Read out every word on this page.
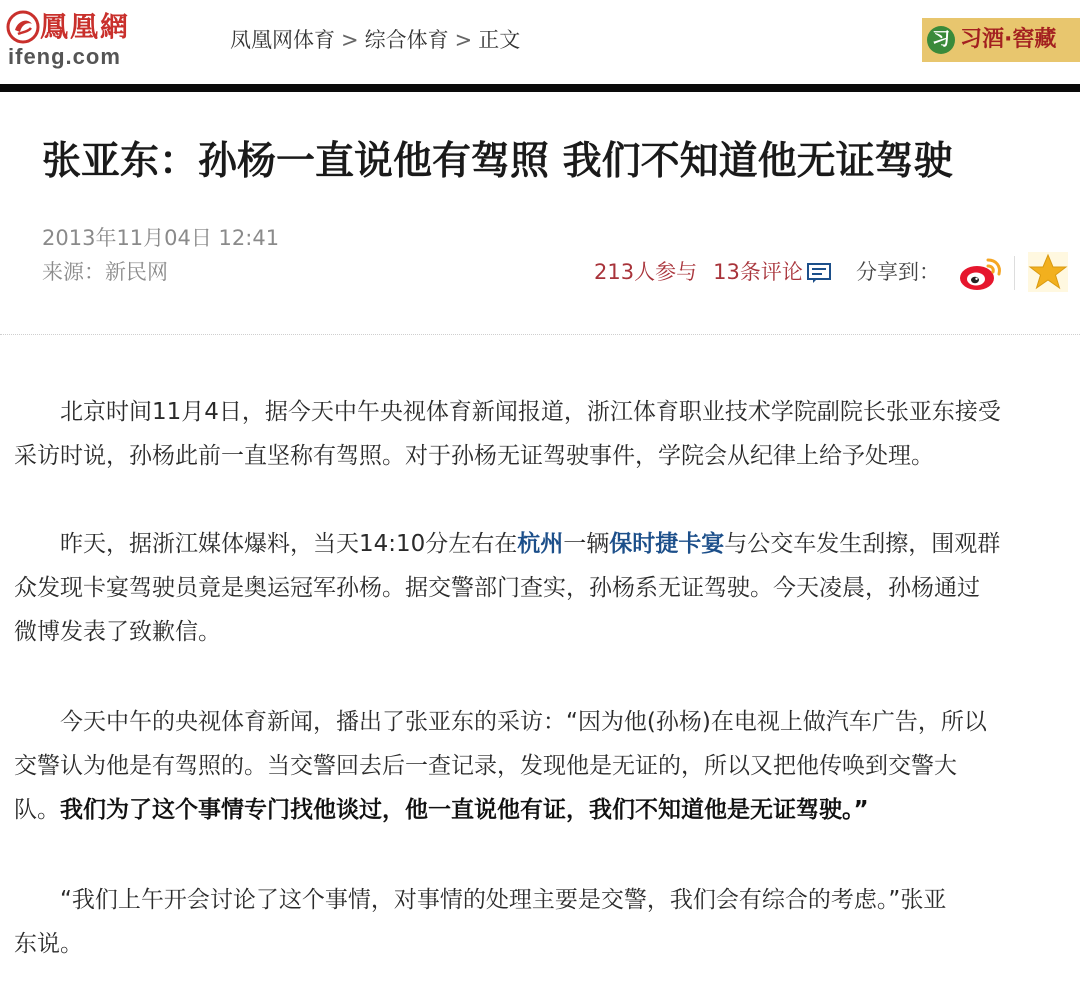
鳳凰網
ifeng.com
凤凰网体育 > 综合体育 > 正文	习 习酒·窖藏
张亚东：孙杨一直说他有驾照 我们不知道他无证驾驶
2013年11月04日 12:41
来源：新民网	213人参与 13条评论	分享到：
　　北京时间11月4日，据今天中午央视体育新闻报道，浙江体育职业技术学院副院长张亚东接受
采访时说，孙杨此前一直坚称有驾照。对于孙杨无证驾驶事件，学院会从纪律上给予处理。
　　昨天，据浙江媒体爆料，当天14:10分左右在杭州一辆保时捷卡宴与公交车发生刮擦，围观群
众发现卡宴驾驶员竟是奥运冠军孙杨。据交警部门查实，孙杨系无证驾驶。今天凌晨，孙杨通过
微博发表了致歉信。
　　今天中午的央视体育新闻，播出了张亚东的采访：“因为他(孙杨)在电视上做汽车广告，所以
交警认为他是有驾照的。当交警回去后一查记录，发现他是无证的，所以又把他传唤到交警大
队。我们为了这个事情专门找他谈过，他一直说他有证，我们不知道他是无证驾驶。”
　　“我们上午开会讨论了这个事情，对事情的处理主要是交警，我们会有综合的考虑。”张亚
东说。
